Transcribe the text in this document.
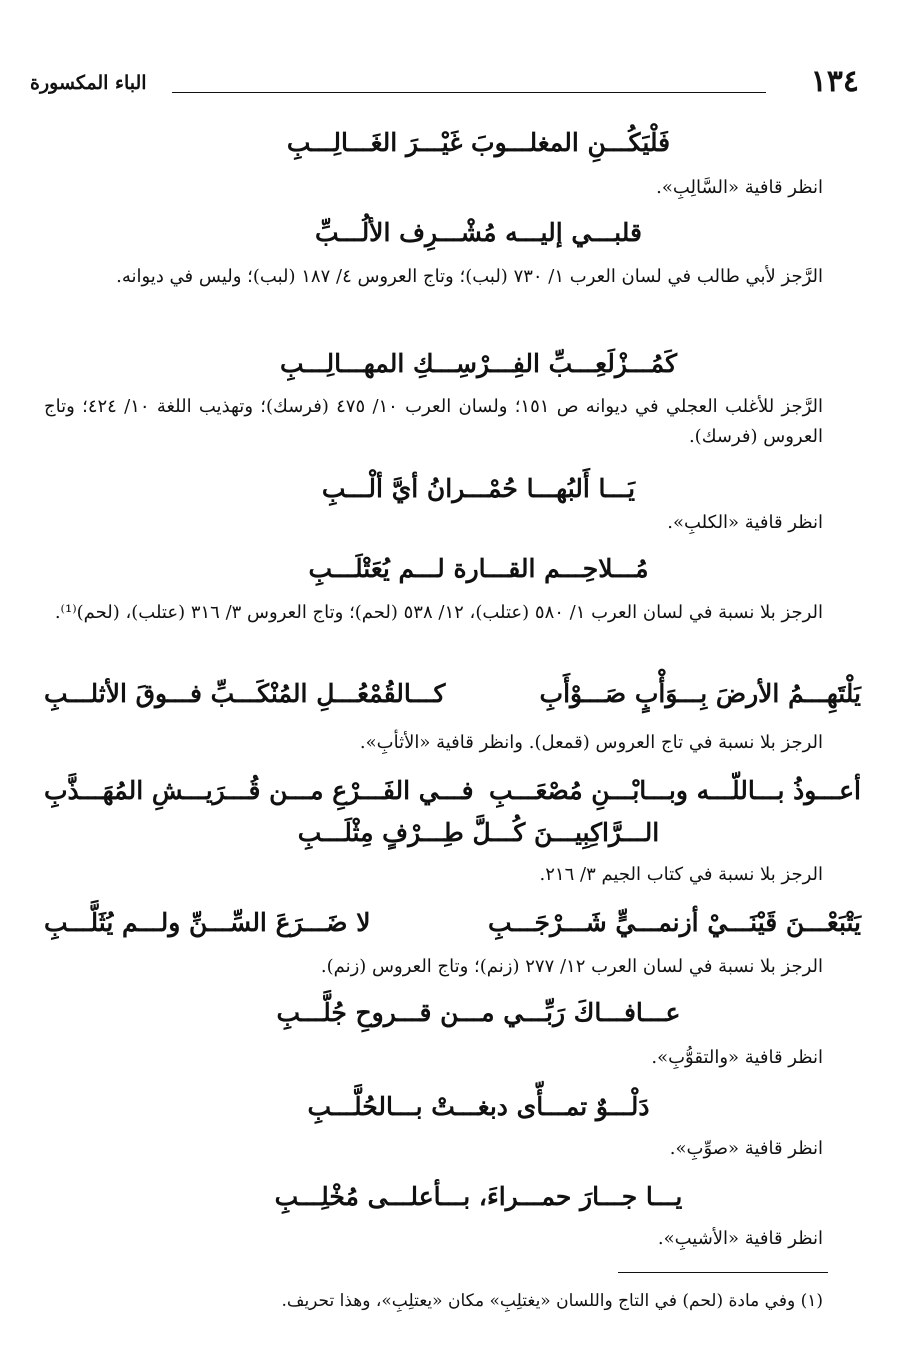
١٣٤
الباء المكسورة
فَلْيَكُـــنِ المغلـــوبَ غَيْـــرَ الغَـــالِـــبِ
انظر قافية «السَّالِبِ».
قلبـــي إليـــه مُشْـــرِف الألُـــبِّ
الرَّجز لأبي طالب في لسان العرب ١/ ٧٣٠ (لبب)؛ وتاج العروس ٤/ ١٨٧ (لبب)؛ وليس في ديوانه.
كَمُـــزْلَعِـــبِّ الفِـــرْسِـــكِ المهـــالِـــبِ
الرَّجز للأغلب العجلي في ديوانه ص ١٥١؛ ولسان العرب ١٠/ ٤٧٥ (فرسك)؛ وتهذيب اللغة ١٠/ ٤٢٤؛ وتاج العروس (فرسك).
يَـــا أَلبُهـــا حُمْـــرانُ أيَّ ألْـــبِ
انظر قافية «الكلبِ».
مُـــلاحِـــم القـــارة لـــم يُعَتْلَـــبِ
الرجز بلا نسبة في لسان العرب ١/ ٥٨٠ (عتلب)، ١٢/ ٥٣٨ (لحم)؛ وتاج العروس ٣/ ٣١٦ (عتلب)، (لحم)⁽¹⁾.
يَلْتَهِـــمُ الأرضَ بِـــوَأْبٍ صَـــوْأَبِ
كـــالقُمْعُـــلِ المُنْكَـــبِّ فـــوقَ الأثلـــبِ
الرجز بلا نسبة في تاج العروس (قمعل). وانظر قافية «الأثأبِ».
أعـــوذُ بـــاللّـــه وبـــابْـــنِ مُصْعَـــبِ
فـــي الفَـــرْعِ مـــن قُـــرَيـــشِ المُهَـــذَّبِ
الـــرَّاكِبِيـــنَ كُـــلَّ طِـــرْفٍ مِثْلَـــبِ
الرجز بلا نسبة في كتاب الجيم ٣/ ٢١٦.
يَتْبَعْـــنَ قَيْنَـــيْ أزنمـــيٍّ شَـــرْجَـــبِ
لا ضَـــرَعَ السِّـــنِّ ولـــم يُثَلَّـــبِ
الرجز بلا نسبة في لسان العرب ١٢/ ٢٧٧ (زنم)؛ وتاج العروس (زنم).
عـــافـــاكَ رَبِّـــي مـــن قـــروحِ جُلَّـــبِ
انظر قافية «والتقوُّبِ».
دَلْـــوٌ تمـــأّى دبغـــتْ بـــالحُلَّـــبِ
انظر قافية «صوِّبِ».
يـــا جـــارَ حمـــراءَ، بـــأعلـــى مُخْلِـــبِ
انظر قافية «الأشيبِ».
(١) وفي مادة (لحم) في التاج واللسان «يغتلِبِ» مكان «يعتلِبِ»، وهذا تحريف.
